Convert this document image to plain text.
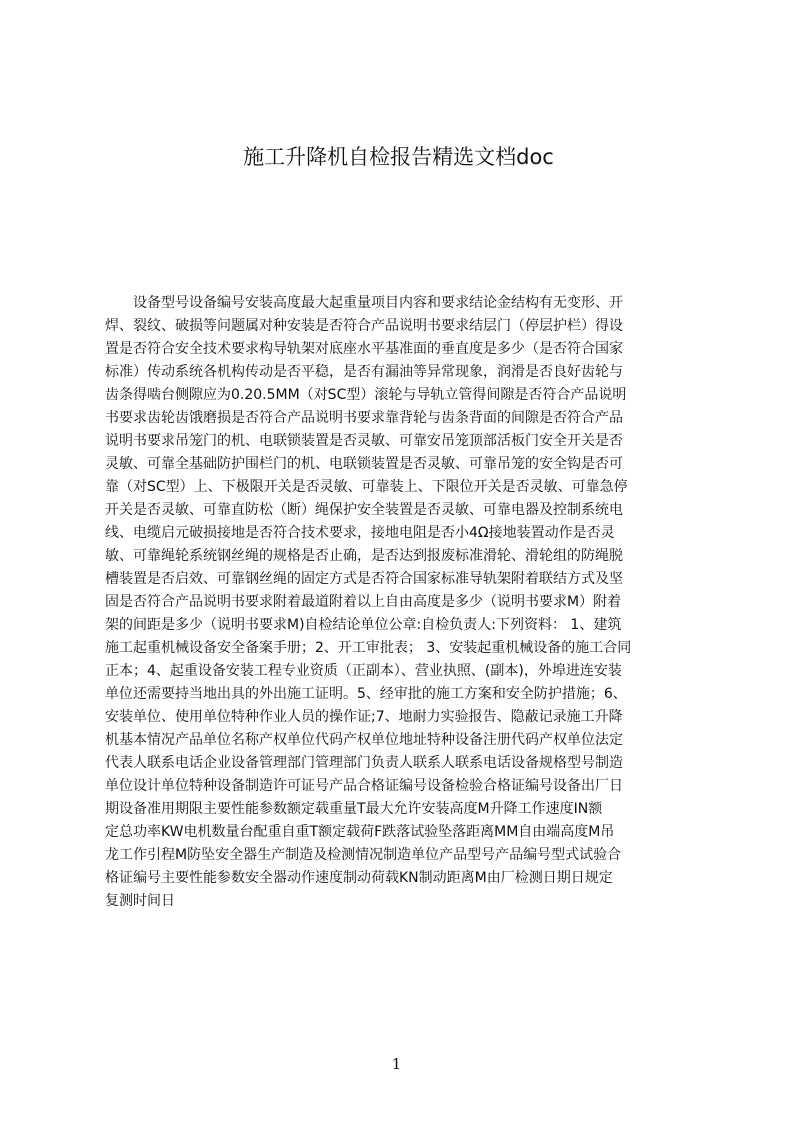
施工升降机自检报告精选文档doc
　　设备型号设备编号安装高度最大起重量项目内容和要求结论金结构有无变形、开
焊、裂纹、破损等问题属对种安装是否符合产品说明书要求结层门（停层护栏）得设
置是否符合安全技术要求构导轨架对底座水平基准面的垂直度是多少（是否符合国家
标准）传动系统各机构传动是否平稳，是否有漏油等异常现象，润滑是否良好齿轮与
齿条得啮台侧隙应为0.20.5MM（对SC型）滚轮与导轨立管得间隙是否符合产品说明
书要求齿轮齿饿磨损是否符合产品说明书要求靠背轮与齿条背面的间隙是否符合产品
说明书要求吊笼门的机、电联锁装置是否灵敏、可靠安吊笼顶部活板门安全开关是否
灵敏、可靠全基础防护围栏门的机、电联锁装置是否灵敏、可靠吊笼的安全钩是否可
靠（对SC型）上、下极限开关是否灵敏、可靠装上、下限位开关是否灵敏、可靠急停
开关是否灵敏、可靠直防松（断）绳保护安全装置是否灵敏、可靠电器及控制系统电
线、电缆启元破损接地是否符合技术要求，接地电阻是否小4Ω接地装置动作是否灵
敏、可靠绳轮系统钢丝绳的规格是否止确，是否达到报废标准滑轮、滑轮组的防绳脱
槽装置是否启效、可靠钢丝绳的固定方式是否符合国家标准导轨架附着联结方式及坚
固是否符合产品说明书要求附着最道附着以上自由高度是多少（说明书要求M）附着
架的间距是多少（说明书要求M)自检结论单位公章:自检负责人:下列资料： 1、建筑
施工起重机械设备安全备案手册；2、开工审批表； 3、安装起重机械设备的施工合同
正本；4、起重设备安装工程专业资质（正副本）、营业执照、(副本)，外埠进连安装
单位还需要持当地出具的外出施工证明。5、经审批的施工方案和安全防护措施；6、
安装单位、使用单位特种作业人员的操作证;7、地耐力实验报告、隐蔽记录施工升降
机基本情况产品单位名称产权单位代码产权单位地址特种设备注册代码产权单位法定
代表人联系电话企业设备管理部门管理部门负责人联系人联系电话设备规格型号制造
单位设计单位特种设备制造许可证号产品合格证编号设备检验合格证编号设备出厂日
期设备准用期限主要性能参数额定载重量T最大允许安装高度M升降工作速度IN额
定总功率KW电机数量台配重自重T额定载荷F跌落试验坠落距离MM自由端高度M吊
龙工作引程M防坠安全器生产制造及检测情况制造单位产品型号产品编号型式试验合
格证编号主要性能参数安全器动作速度制动荷载KN制动距离M由厂检测日期日规定
复测时间日
1
